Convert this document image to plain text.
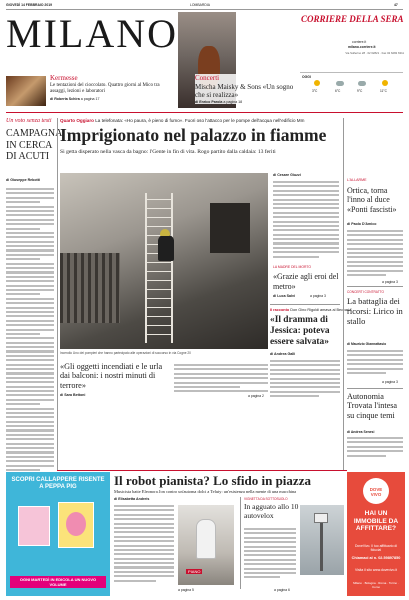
GIOVEDÌ 14 FEBBRAIO 2019	LOMBARDIA	47
MILANO	CORRIERE DELLA SERA
corriere.it
milano.corriere.it
Via Solferino 28 · 02 62821 · Fax 02 6282 6311
OGGI
3°C	6°C	9°C	11°C
Kermesse
Le tentazioni del cioccolato. Quattro giorni al Mico tra assaggi, lezioni e laboratori
di Roberta Schira a pagina 17
Concerti
Mischa Maisky & Sons «Un sogno che si realizza»
di Enrico Parola a pagina 18
Un voto senza testi
CAMPAGNA IN CERCA DI ACUTI
di Giuseppe Rebotti
Quarto Oggiaro La telefonata: «Ho paura, è pieno di fumo». Fuori oso l'attacco per le pompe dell'acqua nell'edificio Mm
Imprigionato nel palazzo in fiamme
Si getta disperato nella vasca da bagno: l'Gente in fin di vita. Rogo partito dalla caldaia: 13 feriti
Incendio Uno dei pompieri che hanno partecipato alle operazioni di soccorso in via Cogne 20
«Gli oggetti incendiati e le urla dai balconi: i nostri minuti di terrore»
di Sara Bettoni	a pagina 2
di Cesare Giuzzi
LA MADRE DEL MORTO
«Grazie agli eroi del metro»
di Luca Salvi	a pagina 3
Il racconto Don Gino Rigoldi amava al Beccaria
«Il dramma di Jessica: poteva essere salvata»
di Andrea Galli
L'ALLARME
Ortica, torna l'inno al duce «Ponti fascisti»
di Paolo D'Amico
a pagina 3
CONCERTI CONTRATTO
La battaglia dei ricorsi: Lirico in stallo
di Maurizio Giannattasio
a pagina 3
Autonomia Trovata l'intesa su cinque temi
di Andrea Senesi
Il robot pianista? Lo sfido in piazza
Musicista batte Eleonora Jon contro un'automa dolci a Teluty: un'esistenza nella mente di una macchina
di Elisabetta Andreis
PIANO
a pagina 5
VIGNETTA DA SOTTOSUOLO
In agguato allo 10 autovelox
a pagina 6
SCOPRI CALLAPPERE RISENTE A PEPPA PIG
OGNI MARTEDÌ IN EDICOLA UN NUOVO VOLUME
DOVE VIVO
HAI UN IMMOBILE DA AFFITTARE?
DoveVivo. Il tuo affittuario di fiducia!
Chiamaci al n. 02.59897850
Visita il sito www.dovevivo.it
Milano · Bologna · Roma · Torino · Como
